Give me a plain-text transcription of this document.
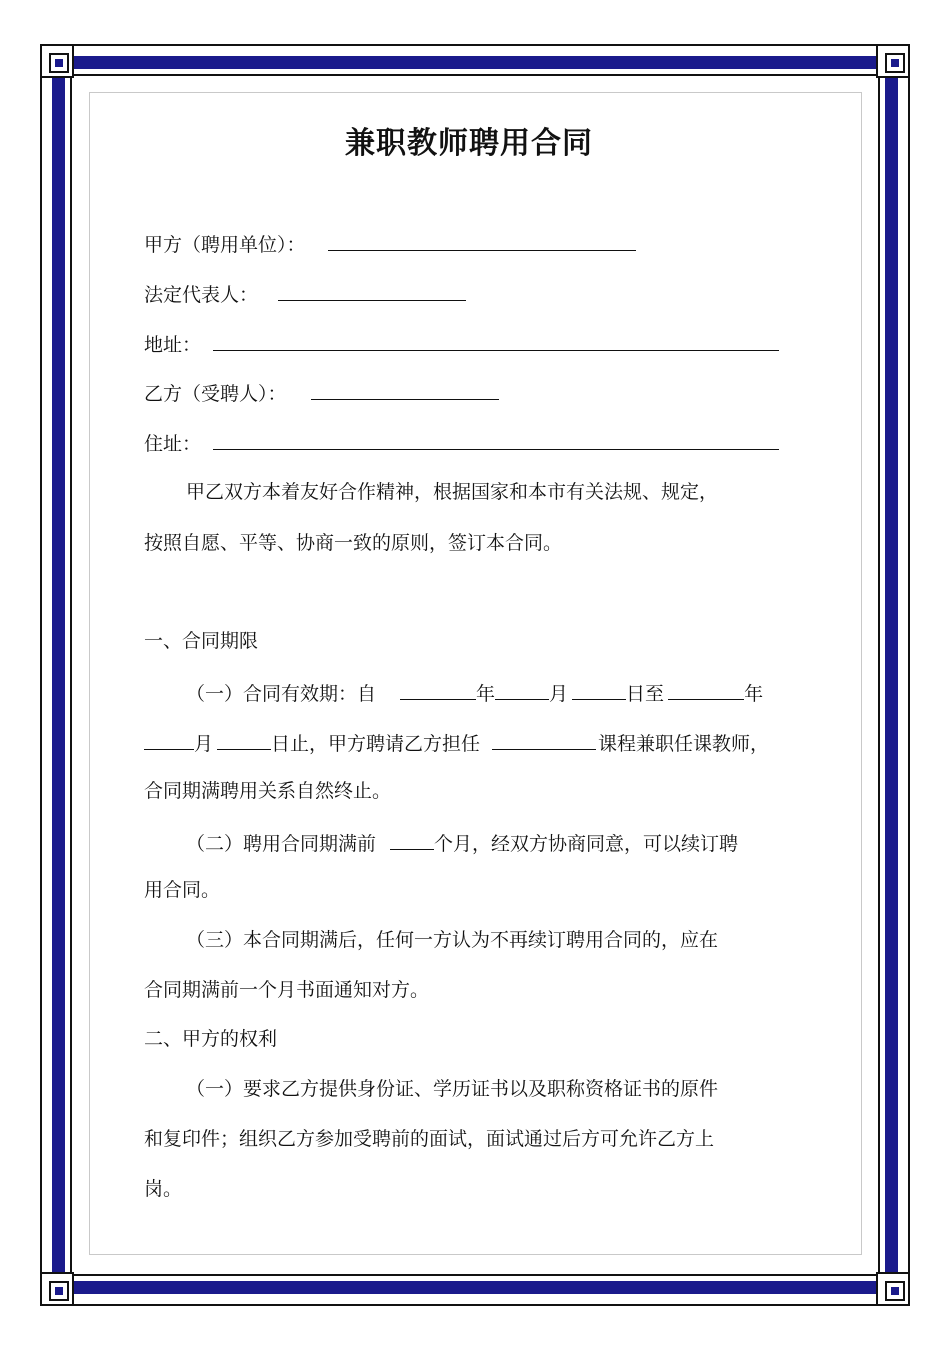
兼职教师聘用合同
甲方（聘用单位）：
法定代表人：
地址：
乙方（受聘人）：
住址：
甲乙双方本着友好合作精神，根据国家和本市有关法规、规定，
按照自愿、平等、协商一致的原则，签订本合同。
一、合同期限
（一）合同有效期：自	年	月	日至	年
月	日止，甲方聘请乙方担任	课程兼职任课教师，
合同期满聘用关系自然终止。
（二）聘用合同期满前	个月，经双方协商同意，可以续订聘
用合同。
（三）本合同期满后，任何一方认为不再续订聘用合同的，应在
合同期满前一个月书面通知对方。
二、甲方的权利
（一）要求乙方提供身份证、学历证书以及职称资格证书的原件
和复印件；组织乙方参加受聘前的面试，面试通过后方可允许乙方上
岗。
